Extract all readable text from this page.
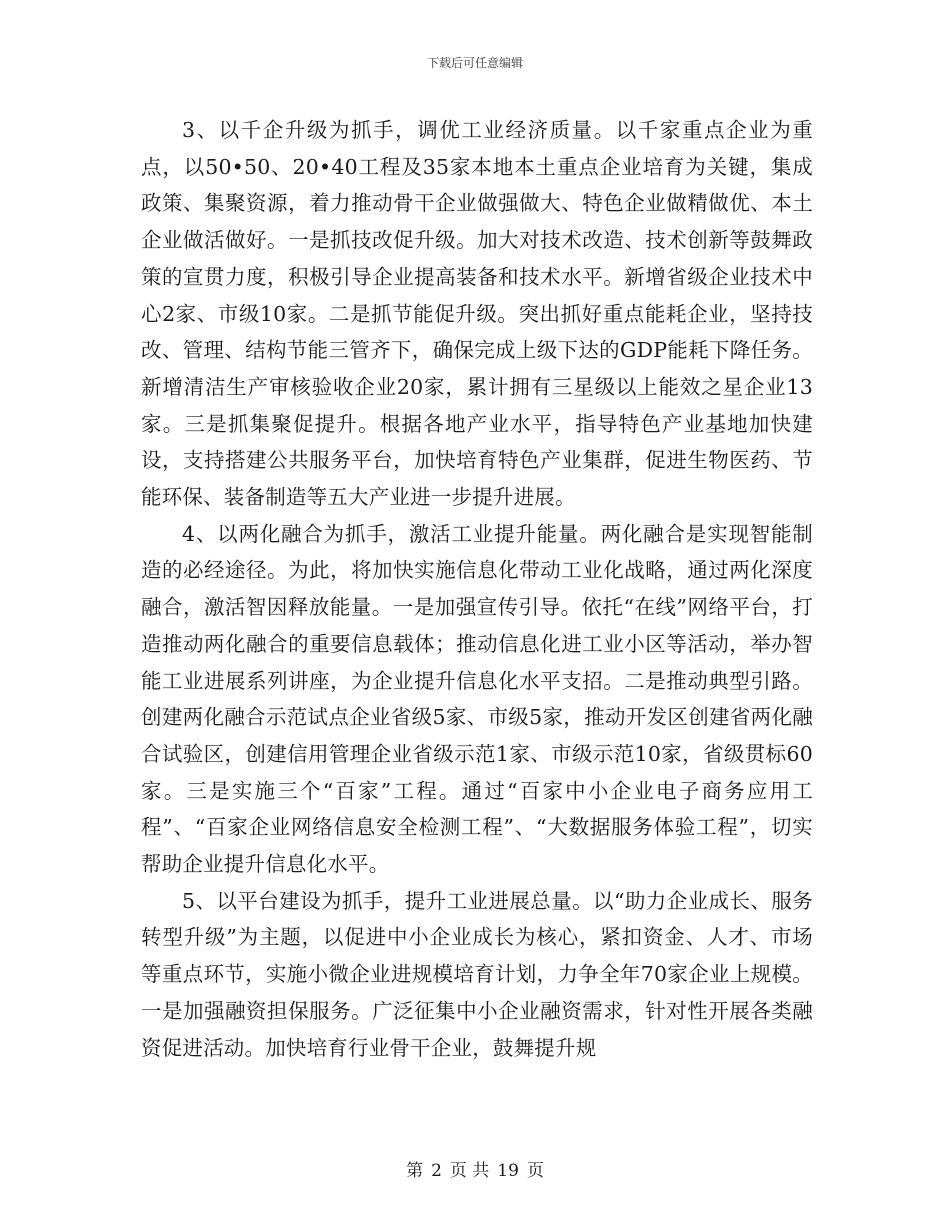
下载后可任意编辑

3、以千企升级为抓手，调优工业经济质量。以千家重点企业为重点，以50•50、20•40工程及35家本地本土重点企业培育为关键，集成政策、集聚资源，着力推动骨干企业做强做大、特色企业做精做优、本土企业做活做好。一是抓技改促升级。加大对技术改造、技术创新等鼓舞政策的宣贯力度，积极引导企业提高装备和技术水平。新增省级企业技术中心2家、市级10家。二是抓节能促升级。突出抓好重点能耗企业，坚持技改、管理、结构节能三管齐下，确保完成上级下达的GDP能耗下降任务。新增清洁生产审核验收企业20家，累计拥有三星级以上能效之星企业13家。三是抓集聚促提升。根据各地产业水平，指导特色产业基地加快建设，支持搭建公共服务平台，加快培育特色产业集群，促进生物医药、节能环保、装备制造等五大产业进一步提升进展。

4、以两化融合为抓手，激活工业提升能量。两化融合是实现智能制造的必经途径。为此，将加快实施信息化带动工业化战略，通过两化深度融合，激活智因释放能量。一是加强宣传引导。依托“在线”网络平台，打造推动两化融合的重要信息载体；推动信息化进工业小区等活动，举办智能工业进展系列讲座，为企业提升信息化水平支招。二是推动典型引路。创建两化融合示范试点企业省级5家、市级5家，推动开发区创建省两化融合试验区，创建信用管理企业省级示范1家、市级示范10家，省级贯标60家。三是实施三个“百家”工程。通过“百家中小企业电子商务应用工程”、“百家企业网络信息安全检测工程”、“大数据服务体验工程”，切实帮助企业提升信息化水平。

5、以平台建设为抓手，提升工业进展总量。以“助力企业成长、服务转型升级”为主题，以促进中小企业成长为核心，紧扣资金、人才、市场等重点环节，实施小微企业进规模培育计划，力争全年70家企业上规模。一是加强融资担保服务。广泛征集中小企业融资需求，针对性开展各类融资促进活动。加快培育行业骨干企业，鼓舞提升规

第 2 页 共 19 页
